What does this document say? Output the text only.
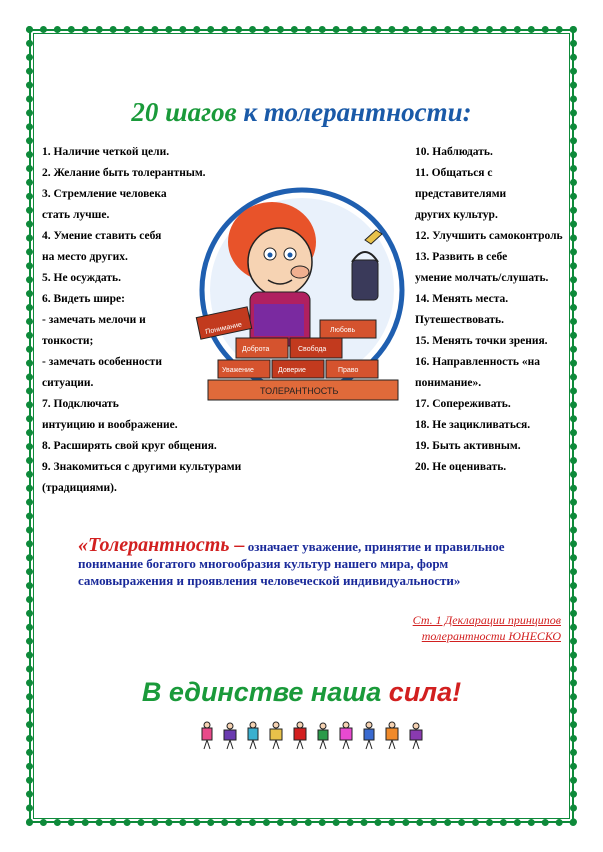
20 шагов к толерантности:
1. Наличие четкой цели.
2. Желание быть толерантным.
3. Стремление человека
стать лучше.
4. Умение ставить себя
на место других.
5. Не осуждать.
6. Видеть шире:
- замечать мелочи и
тонкости;
- замечать особенности
ситуации.
7. Подключать
интуицию и воображение.
8. Расширять свой круг общения.
9. Знакомиться с другими культурами
(традициями).
10. Наблюдать.
11. Общаться с
представителями
других культур.
12. Улучшить самоконтроль
13. Развить в себе
умение молчать/слушать.
14. Менять места.
Путешествовать.
15. Менять точки зрения.
16. Направленность «на
понимание».
17. Сопереживать.
18. Не зацикливаться.
19. Быть активным.
20. Не оценивать.
Понимание
Доброта	Свобода
Любовь
Уважение	Доверие	Право
ТОЛЕРАНТНОСТЬ
«Толерантность – означает уважение, принятие и правильное понимание богатого многообразия культур нашего мира, форм самовыражения и проявления человеческой индивидуальности»
Ст. 1 Декларации принципов
толерантности ЮНЕСКО
В единстве наша сила!
